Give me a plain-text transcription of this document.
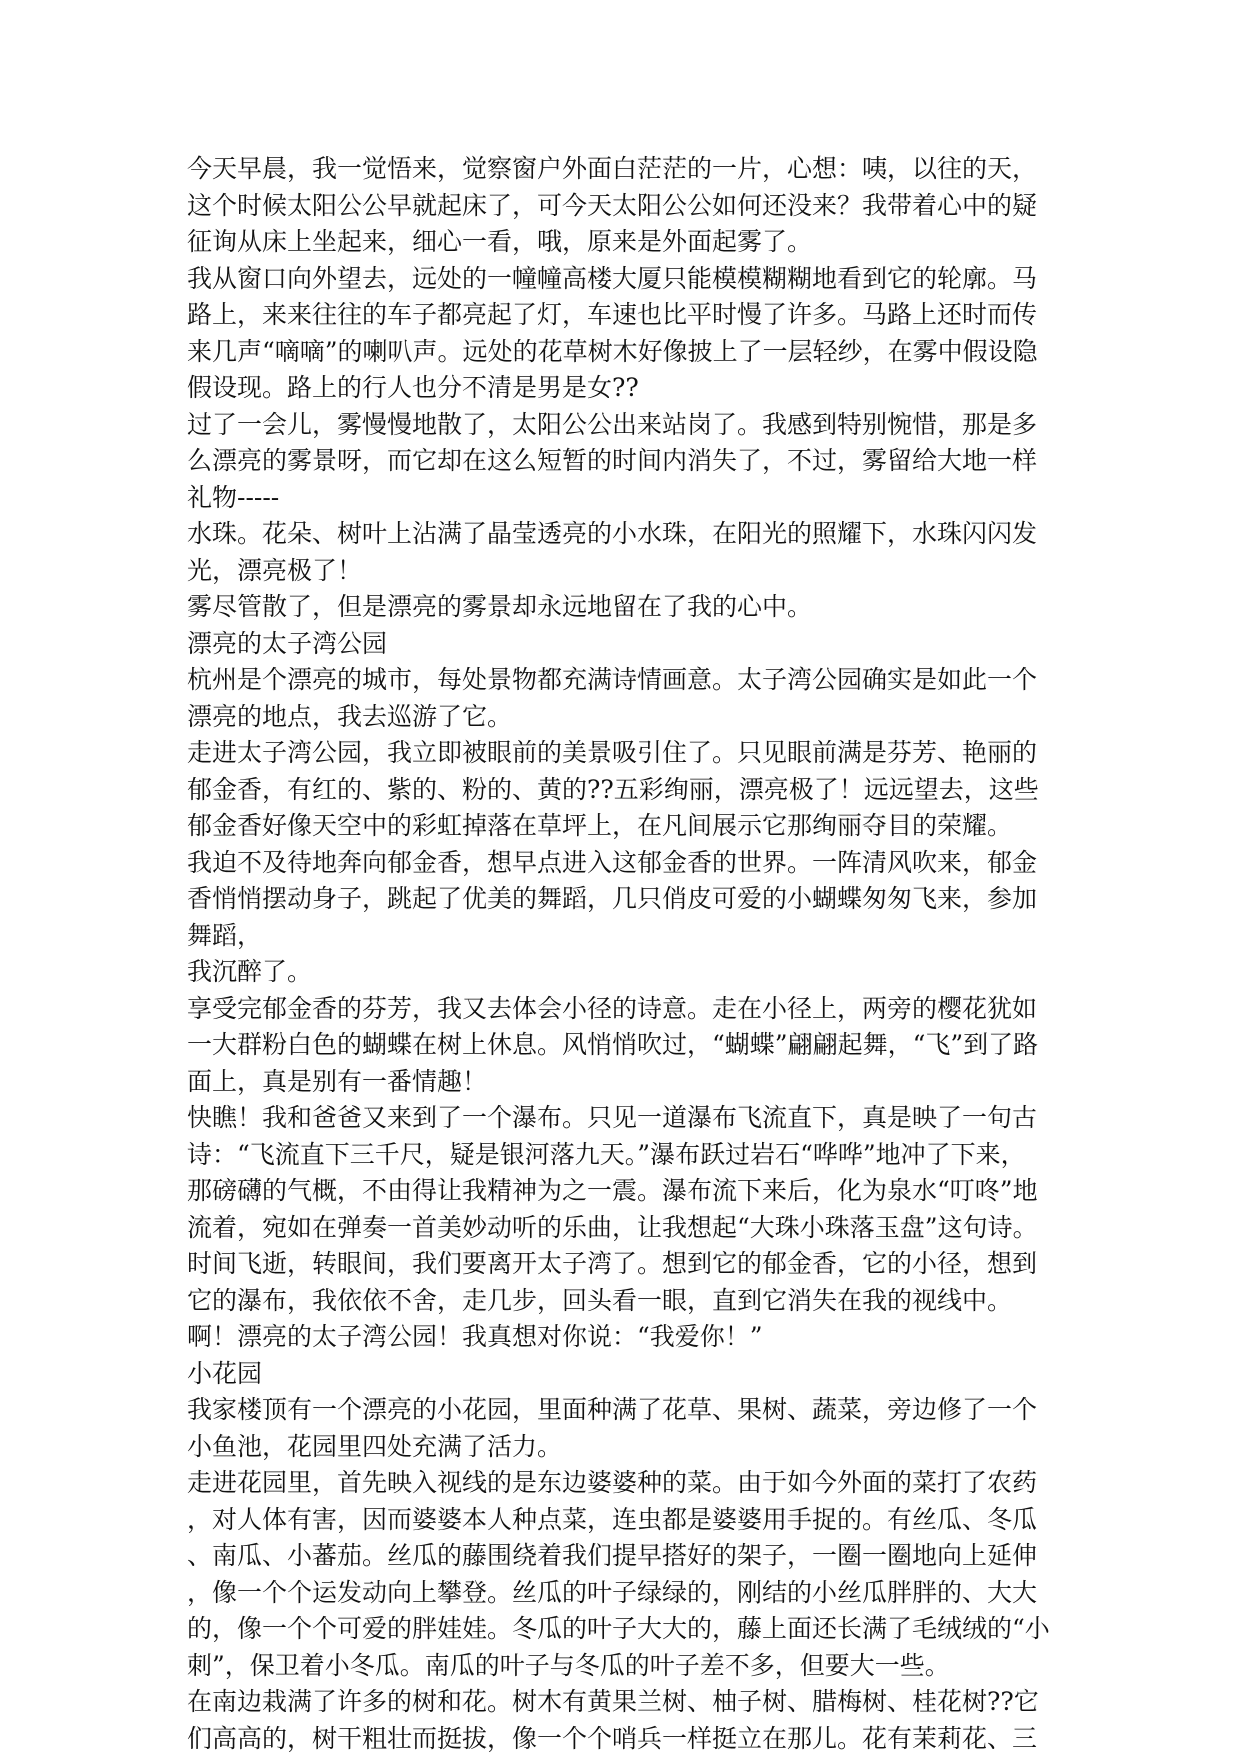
今天早晨，我一觉悟来，觉察窗户外面白茫茫的一片，心想：咦，以往的天，
这个时候太阳公公早就起床了，可今天太阳公公如何还没来？我带着心中的疑
征询从床上坐起来，细心一看，哦，原来是外面起雾了。
我从窗口向外望去，远处的一幢幢高楼大厦只能模模糊糊地看到它的轮廓。马
路上，来来往往的车子都亮起了灯，车速也比平时慢了许多。马路上还时而传
来几声“嘀嘀”的喇叭声。远处的花草树木好像披上了一层轻纱，在雾中假设隐
假设现。路上的行人也分不清是男是女??
过了一会儿，雾慢慢地散了，太阳公公出来站岗了。我感到特别惋惜，那是多
么漂亮的雾景呀，而它却在这么短暂的时间内消失了，不过，雾留给大地一样
礼物-----
水珠。花朵、树叶上沾满了晶莹透亮的小水珠，在阳光的照耀下，水珠闪闪发
光，漂亮极了！
雾尽管散了，但是漂亮的雾景却永远地留在了我的心中。
漂亮的太子湾公园
杭州是个漂亮的城市，每处景物都充满诗情画意。太子湾公园确实是如此一个
漂亮的地点，我去巡游了它。
走进太子湾公园，我立即被眼前的美景吸引住了。只见眼前满是芬芳、艳丽的
郁金香，有红的、紫的、粉的、黄的??五彩绚丽，漂亮极了！远远望去，这些
郁金香好像天空中的彩虹掉落在草坪上，在凡间展示它那绚丽夺目的荣耀。
我迫不及待地奔向郁金香，想早点进入这郁金香的世界。一阵清风吹来，郁金
香悄悄摆动身子，跳起了优美的舞蹈，几只俏皮可爱的小蝴蝶匆匆飞来，参加
舞蹈，
我沉醉了。
享受完郁金香的芬芳，我又去体会小径的诗意。走在小径上，两旁的樱花犹如
一大群粉白色的蝴蝶在树上休息。风悄悄吹过，“蝴蝶”翩翩起舞，“飞”到了路
面上，真是别有一番情趣！
快瞧！我和爸爸又来到了一个瀑布。只见一道瀑布飞流直下，真是映了一句古
诗：“飞流直下三千尺，疑是银河落九天。”瀑布跃过岩石“哗哗”地冲了下来，
那磅礴的气概，不由得让我精神为之一震。瀑布流下来后，化为泉水“叮咚”地
流着，宛如在弹奏一首美妙动听的乐曲，让我想起“大珠小珠落玉盘”这句诗。
时间飞逝，转眼间，我们要离开太子湾了。想到它的郁金香，它的小径，想到
它的瀑布，我依依不舍，走几步，回头看一眼，直到它消失在我的视线中。
啊！漂亮的太子湾公园！我真想对你说：“我爱你！”
小花园
我家楼顶有一个漂亮的小花园，里面种满了花草、果树、蔬菜，旁边修了一个
小鱼池，花园里四处充满了活力。
走进花园里，首先映入视线的是东边婆婆种的菜。由于如今外面的菜打了农药
，对人体有害，因而婆婆本人种点菜，连虫都是婆婆用手捉的。有丝瓜、冬瓜
、南瓜、小蕃茄。丝瓜的藤围绕着我们提早搭好的架子，一圈一圈地向上延伸
，像一个个运发动向上攀登。丝瓜的叶子绿绿的，刚结的小丝瓜胖胖的、大大
的，像一个个可爱的胖娃娃。冬瓜的叶子大大的，藤上面还长满了毛绒绒的“小
刺”，保卫着小冬瓜。南瓜的叶子与冬瓜的叶子差不多，但要大一些。
在南边栽满了许多的树和花。树木有黄果兰树、柚子树、腊梅树、桂花树??它
们高高的，树干粗壮而挺拔，像一个个哨兵一样挺立在那儿。花有茉莉花、三
